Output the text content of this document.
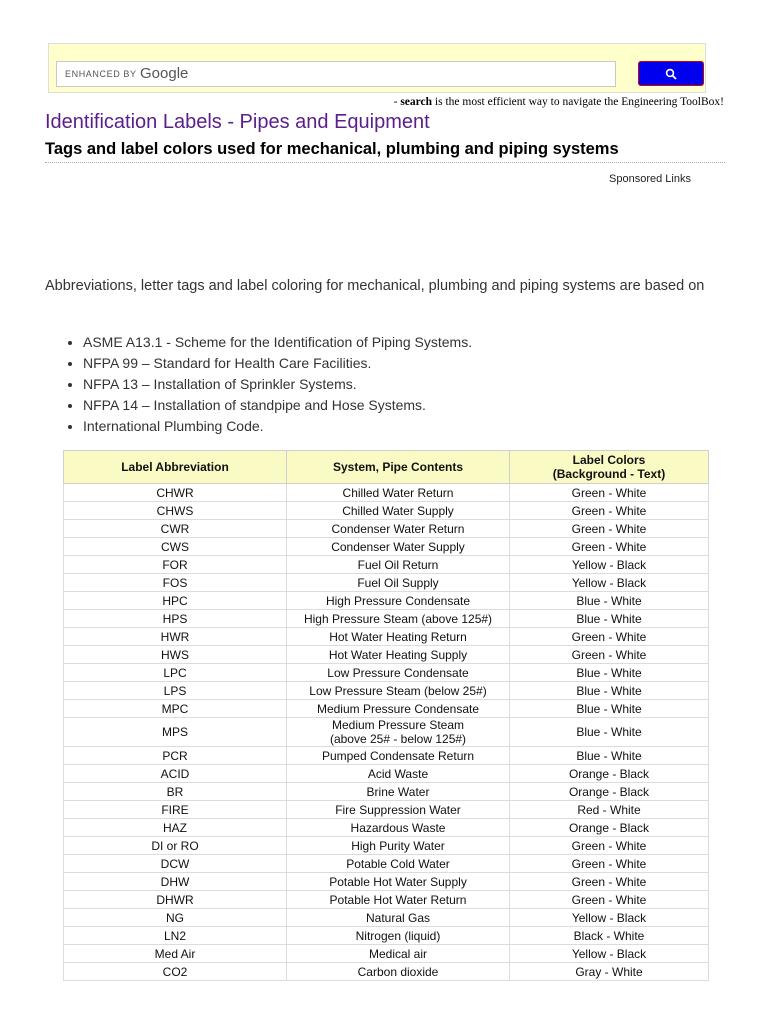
ENHANCED BY Google
- search is the most efficient way to navigate the Engineering ToolBox!
Identification Labels - Pipes and Equipment
Tags and label colors used for mechanical, plumbing and piping systems
Sponsored Links

Abbreviations, letter tags and label coloring for mechanical, plumbing and piping systems are based on

• ASME A13.1 - Scheme for the Identification of Piping Systems.
• NFPA 99 – Standard for Health Care Facilities.
• NFPA 13 – Installation of Sprinkler Systems.
• NFPA 14 – Installation of standpipe and Hose Systems.
• International Plumbing Code.
Label Abbreviation	System, Pipe Contents	Label Colors
(Background - Text)
CHWR	Chilled Water Return	Green - White
CHWS	Chilled Water Supply	Green - White
CWR	Condenser Water Return	Green - White
CWS	Condenser Water Supply	Green - White
FOR	Fuel Oil Return	Yellow - Black
FOS	Fuel Oil Supply	Yellow - Black
HPC	High Pressure Condensate	Blue - White
HPS	High Pressure Steam (above 125#)	Blue - White
HWR	Hot Water Heating Return	Green - White
HWS	Hot Water Heating Supply	Green - White
LPC	Low Pressure Condensate	Blue - White
LPS	Low Pressure Steam (below 25#)	Blue - White
MPC	Medium Pressure Condensate	Blue - White
MPS	Medium Pressure Steam
(above 25# - below 125#)	Blue - White
PCR	Pumped Condensate Return	Blue - White
ACID	Acid Waste	Orange - Black
BR	Brine Water	Orange - Black
FIRE	Fire Suppression Water	Red - White
HAZ	Hazardous Waste	Orange - Black
DI or RO	High Purity Water	Green - White
DCW	Potable Cold Water	Green - White
DHW	Potable Hot Water Supply	Green - White
DHWR	Potable Hot Water Return	Green - White
NG	Natural Gas	Yellow - Black
LN2	Nitrogen (liquid)	Black - White
Med Air	Medical air	Yellow - Black
CO2	Carbon dioxide	Gray - White
